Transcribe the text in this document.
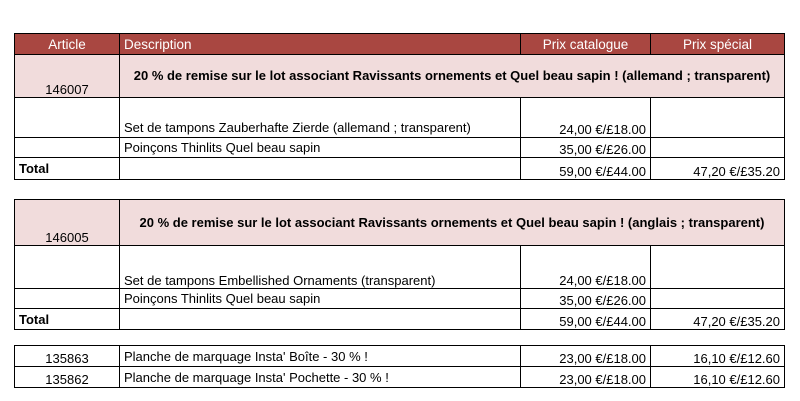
Article	Description	Prix catalogue	Prix spécial
146007	20 % de remise sur le lot associant Ravissants ornements et Quel beau sapin ! (allemand ; transparent)		
	Set de tampons Zauberhafte Zierde (allemand ; transparent)	24,00 €/£18.00	
	Poinçons Thinlits Quel beau sapin	35,00 €/£26.00	
Total		59,00 €/£44.00	47,20 €/£35.20
146005	20 % de remise sur le lot associant Ravissants ornements et Quel beau sapin ! (anglais ; transparent)		
	Set de tampons Embellished Ornaments (transparent)	24,00 €/£18.00	
	Poinçons Thinlits Quel beau sapin	35,00 €/£26.00	
Total		59,00 €/£44.00	47,20 €/£35.20
135863	Planche de marquage Insta' Boîte - 30 % !	23,00 €/£18.00	16,10 €/£12.60
135862	Planche de marquage Insta' Pochette - 30 % !	23,00 €/£18.00	16,10 €/£12.60
